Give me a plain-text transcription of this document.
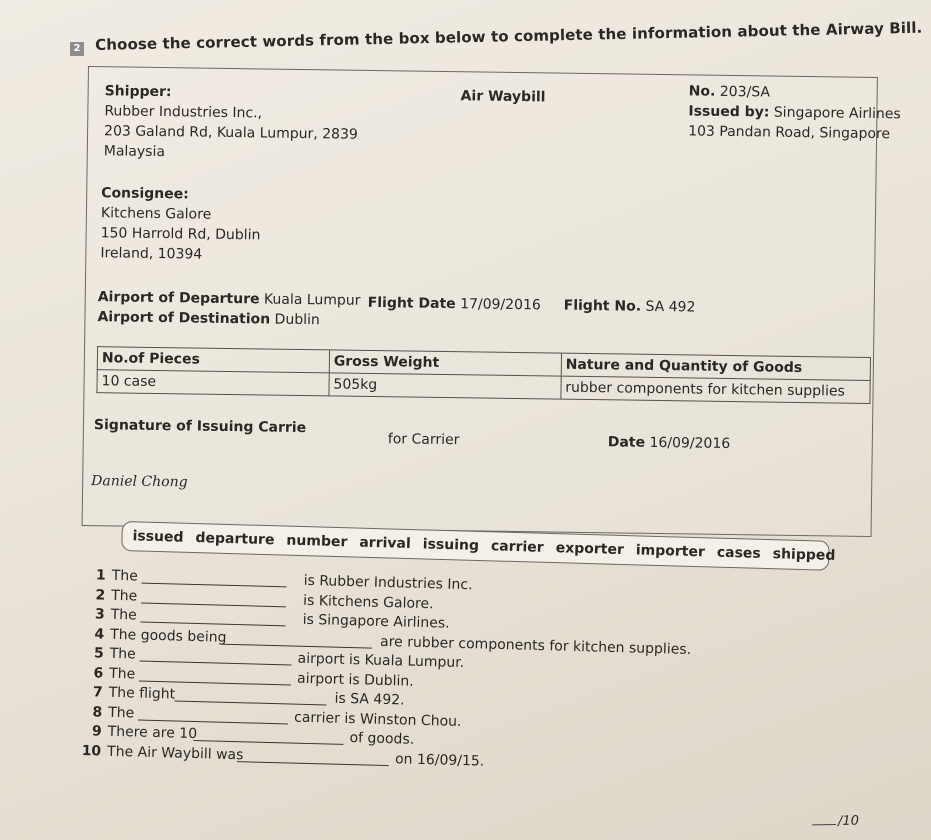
2 Choose the correct words from the box below to complete the information about the Airway Bill.
Shipper:
Rubber Industries Inc.,
203 Galand Rd, Kuala Lumpur, 2839
Malaysia
Air Waybill	No. 203/SA
Issued by: Singapore Airlines
103 Pandan Road, Singapore
Consignee:
Kitchens Galore
150 Harrold Rd, Dublin
Ireland, 10394
Airport of Departure Kuala Lumpur
Airport of Destination Dublin
Flight Date 17/09/2016 Flight No. SA 492
No.of Pieces	Gross Weight	Nature and Quantity of Goods
10 case	505kg	rubber components for kitchen supplies
Signature of Issuing Carrie
for Carrier	Date 16/09/2016
Daniel Chong
issued departure number arrival issuing carrier exporter importer cases shipped
1 The	is Rubber Industries Inc.
2 The	is Kitchens Galore.
3 The	is Singapore Airlines.
4 The goods being	are rubber components for kitchen supplies.
5 The	airport is Kuala Lumpur.
6 The	airport is Dublin.
7 The flight	is SA 492.
8 The	carrier is Winston Chou.
9 There are 10	of goods.
10 The Air Waybill was	on 16/09/15.
/10
